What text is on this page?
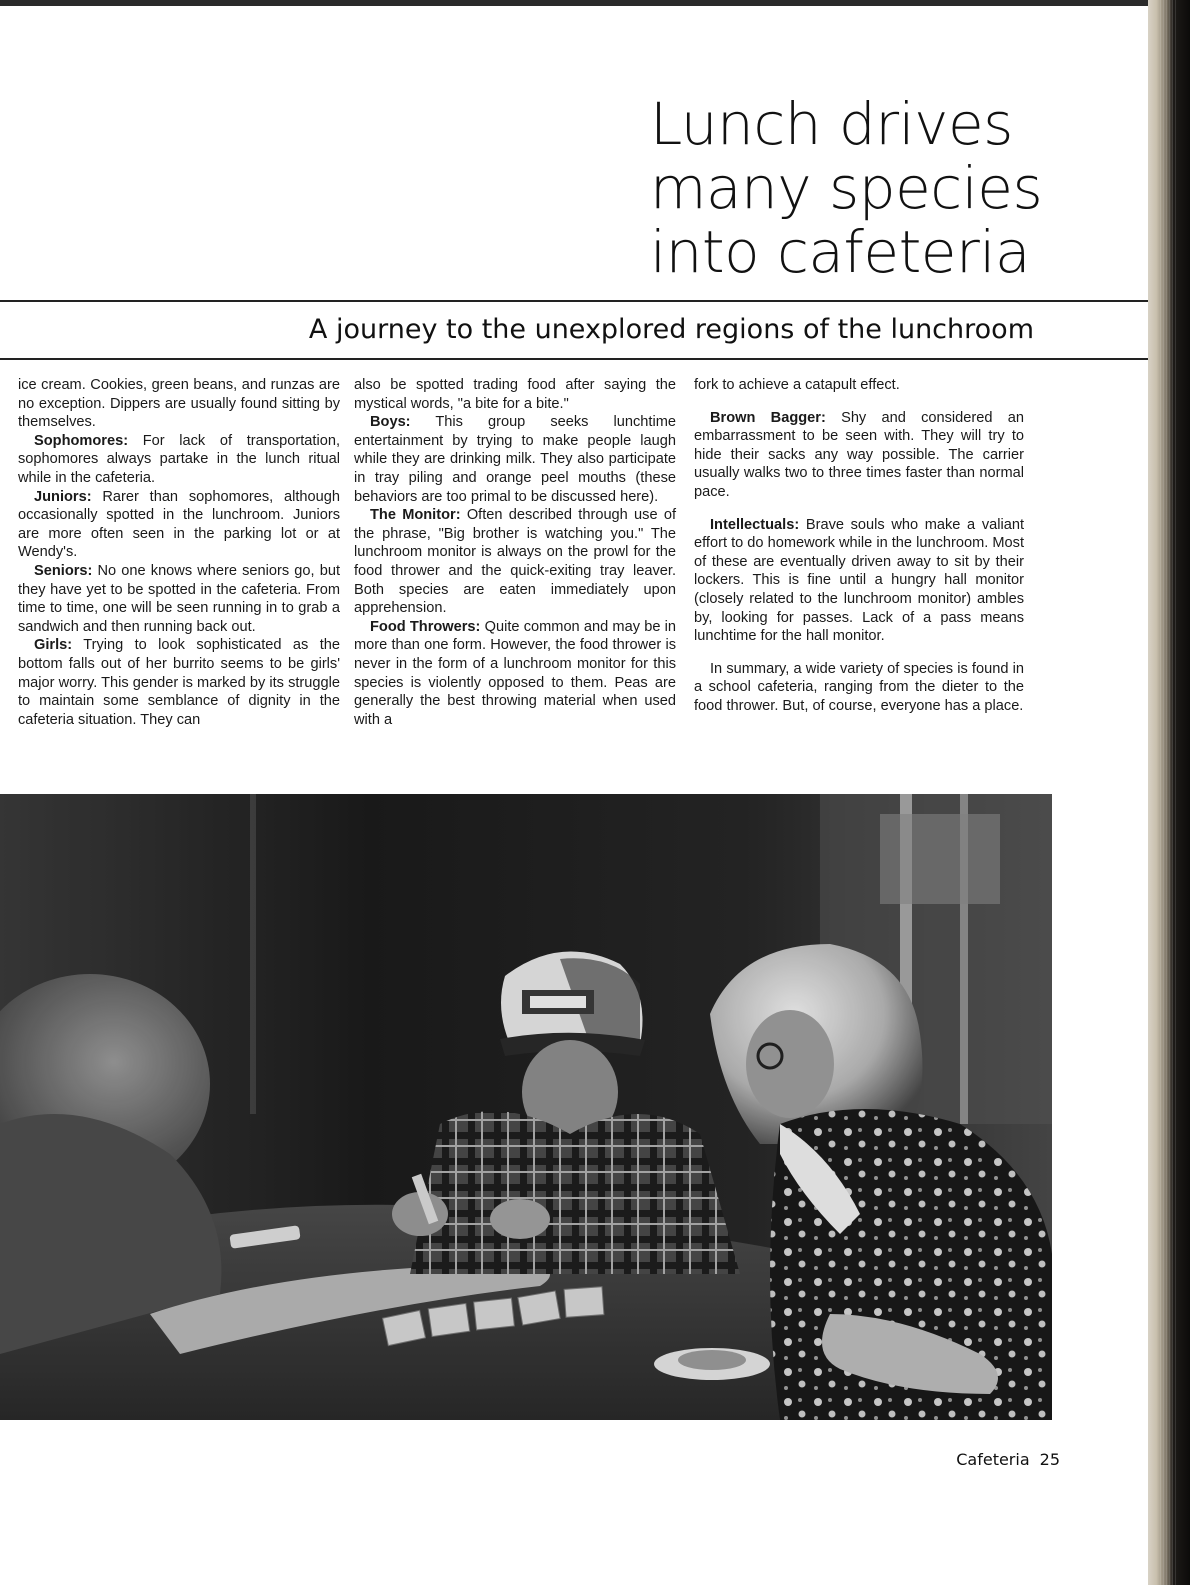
Lunch drives
many species
into cafeteria
A journey to the unexplored regions of the lunchroom

ice cream. Cookies, green beans, and runzas are no exception. Dippers are usually found sitting by themselves.

Sophomores: For lack of transportation, sophomores always partake in the lunch ritual while in the cafeteria.

Juniors: Rarer than sophomores, although occasionally spotted in the lunchroom. Juniors are more often seen in the parking lot or at Wendy's.

Seniors: No one knows where seniors go, but they have yet to be spotted in the cafeteria. From time to time, one will be seen running in to grab a sandwich and then running back out.

Girls: Trying to look sophisticated as the bottom falls out of her burrito seems to be girls' major worry. This gender is marked by its struggle to maintain some semblance of dignity in the cafeteria situation. They can

also be spotted trading food after saying the mystical words, "a bite for a bite."

Boys: This group seeks lunchtime entertainment by trying to make people laugh while they are drinking milk. They also participate in tray piling and orange peel mouths (these behaviors are too primal to be discussed here).

The Monitor: Often described through use of the phrase, "Big brother is watching you." The lunchroom monitor is always on the prowl for the food thrower and the quick-exiting tray leaver. Both species are eaten immediately upon apprehension.

Food Throwers: Quite common and may be in more than one form. However, the food thrower is never in the form of a lunchroom monitor for this species is violently opposed to them. Peas are generally the best throwing material when used with a

fork to achieve a catapult effect.

Brown Bagger: Shy and considered an embarrassment to be seen with. They will try to hide their sacks any way possible. The carrier usually walks two to three times faster than normal pace.

Intellectuals: Brave souls who make a valiant effort to do homework while in the lunchroom. Most of these are eventually driven away to sit by their lockers. This is fine until a hungry hall monitor (closely related to the lunchroom monitor) ambles by, looking for passes. Lack of a pass means lunchtime for the hall monitor.

In summary, a wide variety of species is found in a school cafeteria, ranging from the dieter to the food thrower. But, of course, everyone has a place.

Cafeteria 25
